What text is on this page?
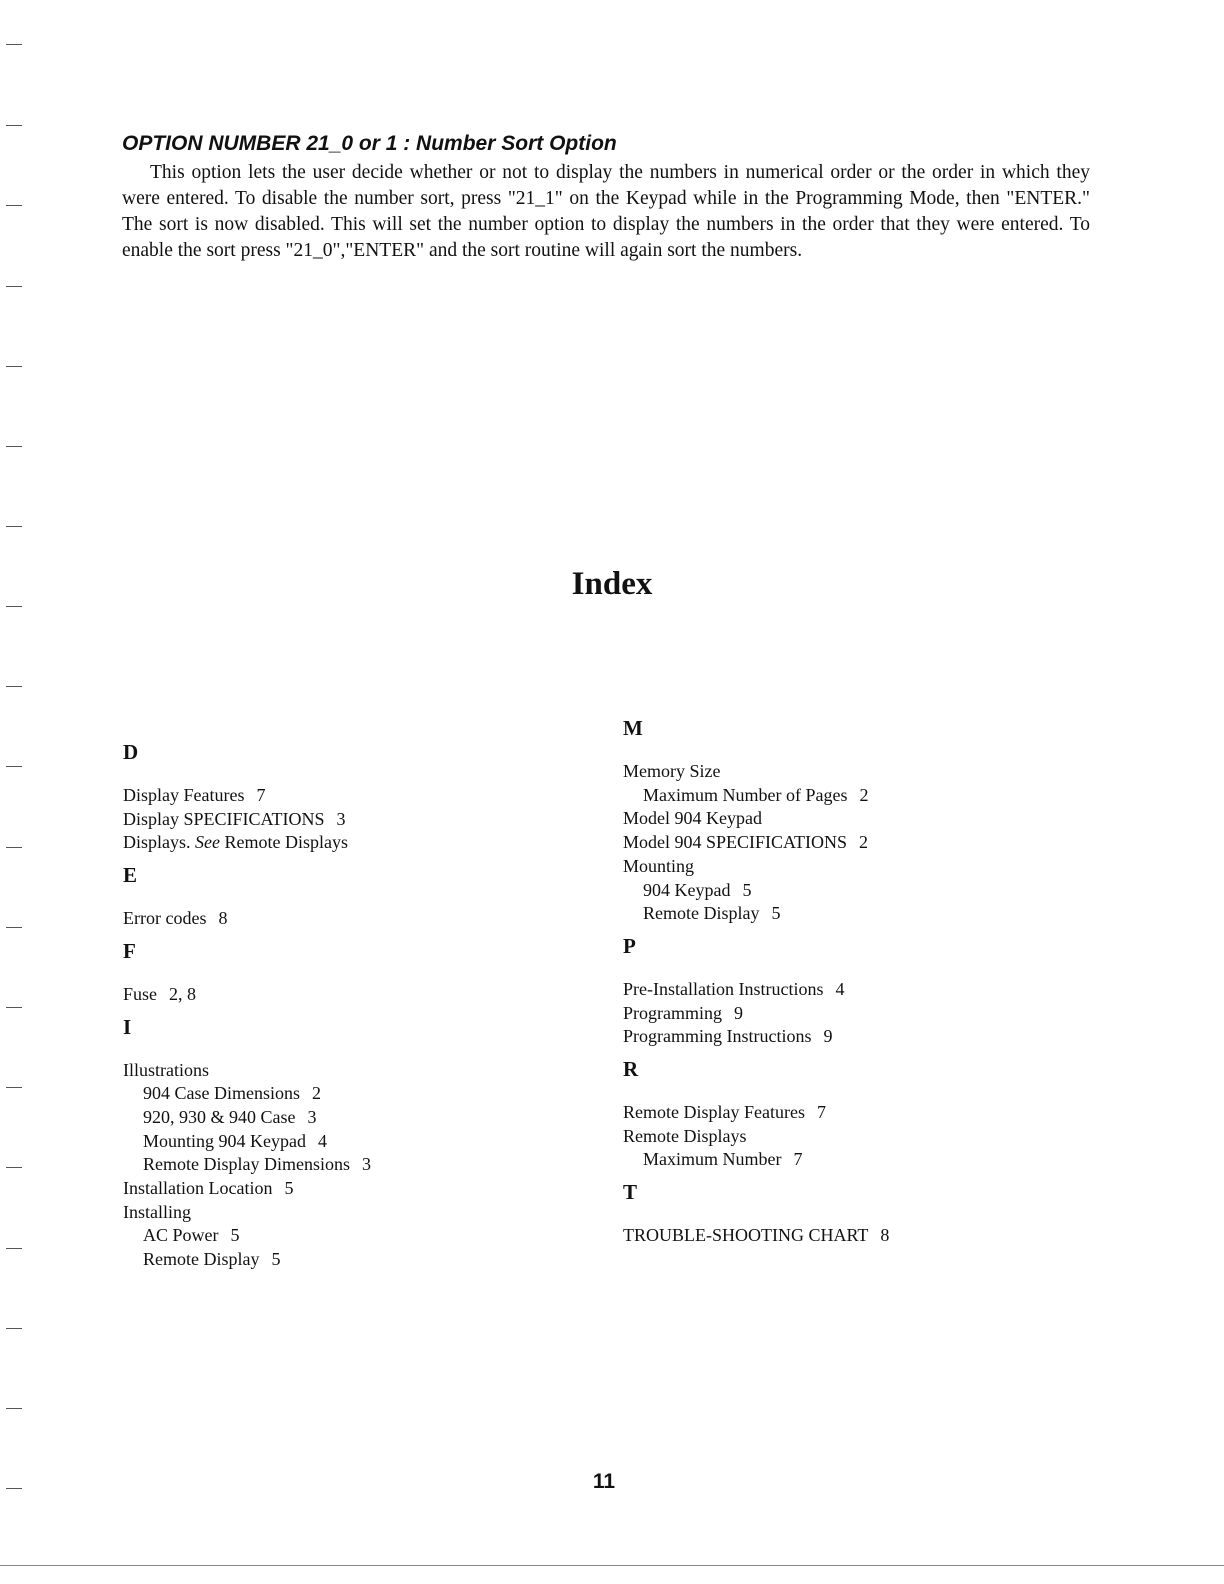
OPTION NUMBER 21_0 or 1 : Number Sort Option

This option lets the user decide whether or not to display the numbers in numerical order or the order in which they were entered. To disable the number sort, press "21_1" on the Keypad while in the Programming Mode, then "ENTER." The sort is now disabled. This will set the number option to display the numbers in the order that they were entered. To enable the sort press "21_0","ENTER" and the sort routine will again sort the numbers.

Index
D
Display Features 7
Display SPECIFICATIONS 3
Displays. See Remote Displays
E
Error codes 8
F
Fuse 2, 8
I
Illustrations
904 Case Dimensions 2
920, 930 & 940 Case 3
Mounting 904 Keypad 4
Remote Display Dimensions 3
Installation Location 5
Installing
AC Power 5
Remote Display 5
M
Memory Size
Maximum Number of Pages 2
Model 904 Keypad
Model 904 SPECIFICATIONS 2
Mounting
904 Keypad 5
Remote Display 5
P
Pre-Installation Instructions 4
Programming 9
Programming Instructions 9
R
Remote Display Features 7
Remote Displays
Maximum Number 7
T
TROUBLE-SHOOTING CHART 8
11
